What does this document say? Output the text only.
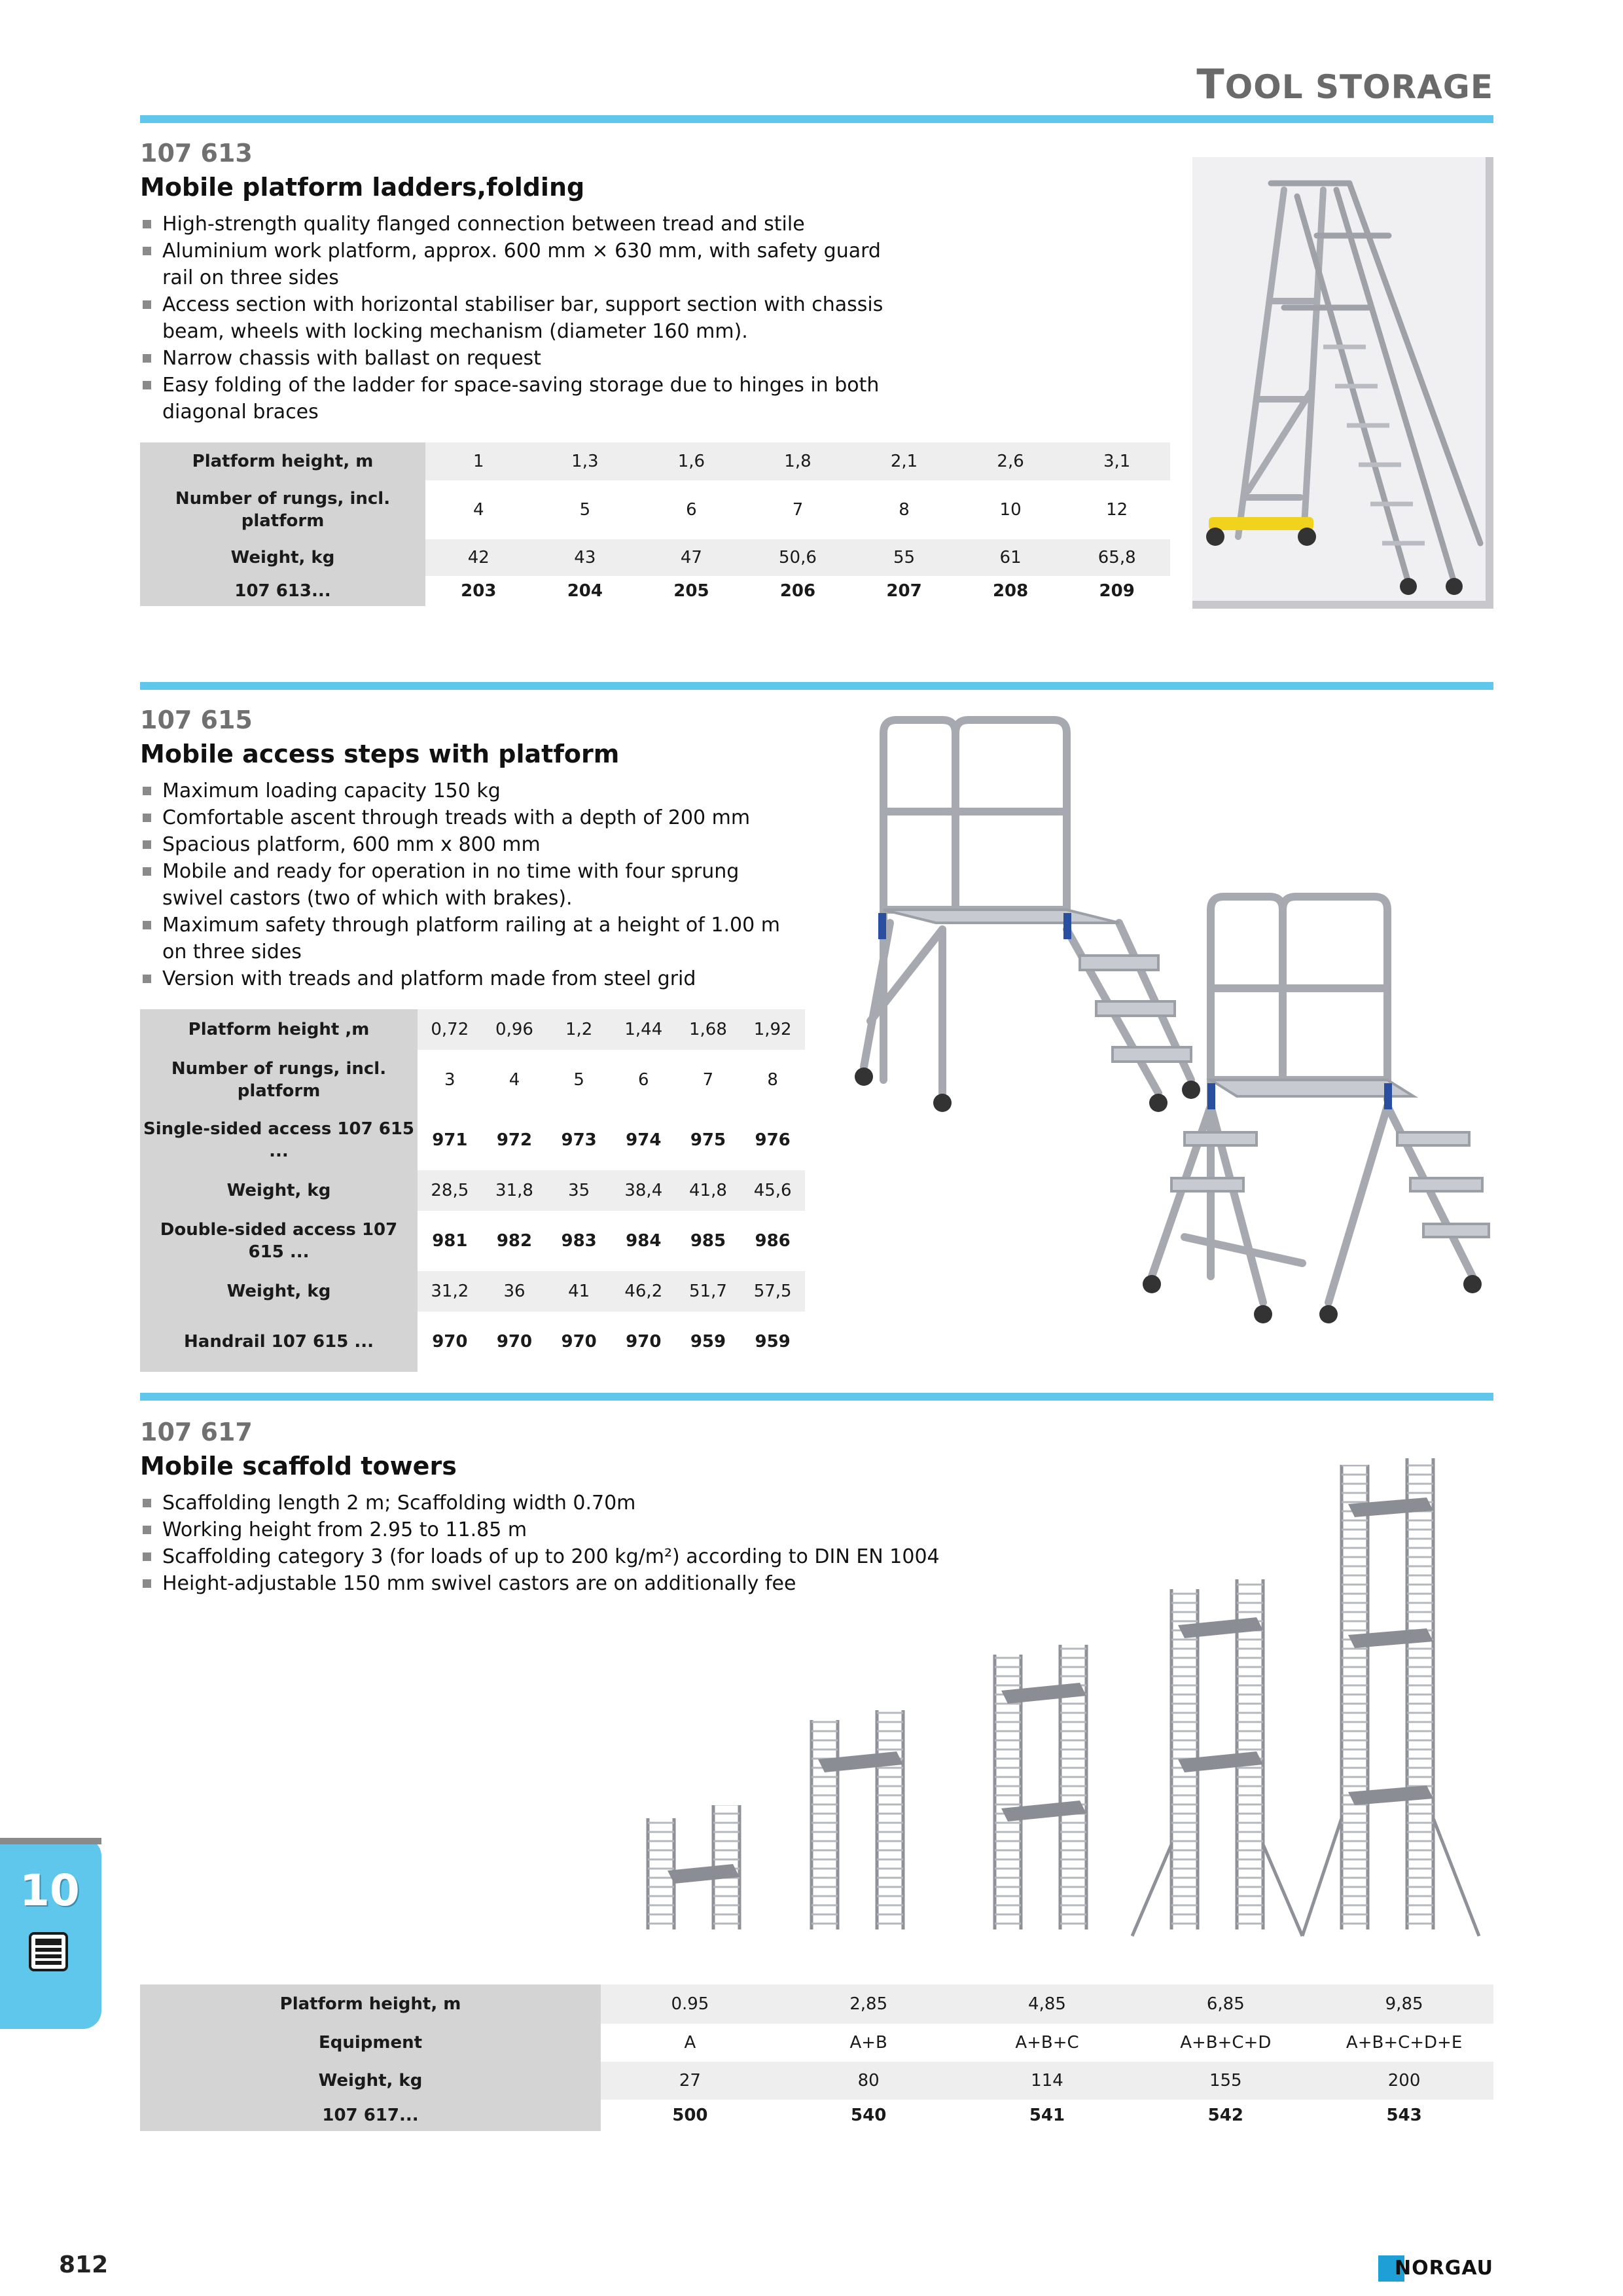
TOOL STORAGE
107 613
Mobile platform ladders,folding
High-strength quality flanged connection between tread and stile
Aluminium work platform, approx. 600 mm × 630 mm, with safety guard rail on three sides
Access section with horizontal stabiliser bar, support section with chassis beam, wheels with locking mechanism (diameter 160 mm).
Narrow chassis with ballast on request
Easy folding of the ladder for space-saving storage due to hinges in both diagonal braces
Platform height, m	1	1,3	1,6	1,8	2,1	2,6	3,1
Number of rungs, incl. platform	4	5	6	7	8	10	12
Weight, kg	42	43	47	50,6	55	61	65,8
107 613...	203	204	205	206	207	208	209
107 615
Mobile access steps with platform
Maximum loading capacity 150 kg
Comfortable ascent through treads with a depth of 200 mm
Spacious platform, 600 mm x 800 mm
Mobile and ready for operation in no time with four sprung swivel castors (two of which with brakes).
Maximum safety through platform railing at a height of 1.00 m on three sides
Version with treads and platform made from steel grid
Platform height ,m	0,72	0,96	1,2	1,44	1,68	1,92
Number of rungs, incl. platform	3	4	5	6	7	8
Single-sided access 107 615 ...	971	972	973	974	975	976
Weight, kg	28,5	31,8	35	38,4	41,8	45,6
Double-sided access 107 615 ...	981	982	983	984	985	986
Weight, kg	31,2	36	41	46,2	51,7	57,5
Handrail 107 615 ...	970	970	970	970	959	959
107 617
Mobile scaffold towers
Scaffolding length 2 m; Scaffolding width 0.70m
Working height from 2.95 to 11.85 m
Scaffolding category 3 (for loads of up to 200 kg/m²) according to DIN EN 1004
Height-adjustable 150 mm swivel castors are on additionally fee
Platform height, m	0.95	2,85	4,85	6,85	9,85
Equipment	A	A+B	A+B+C	A+B+C+D	A+B+C+D+E
Weight, kg	27	80	114	155	200
107 617...	500	540	541	542	543
10
812	NORGAU
